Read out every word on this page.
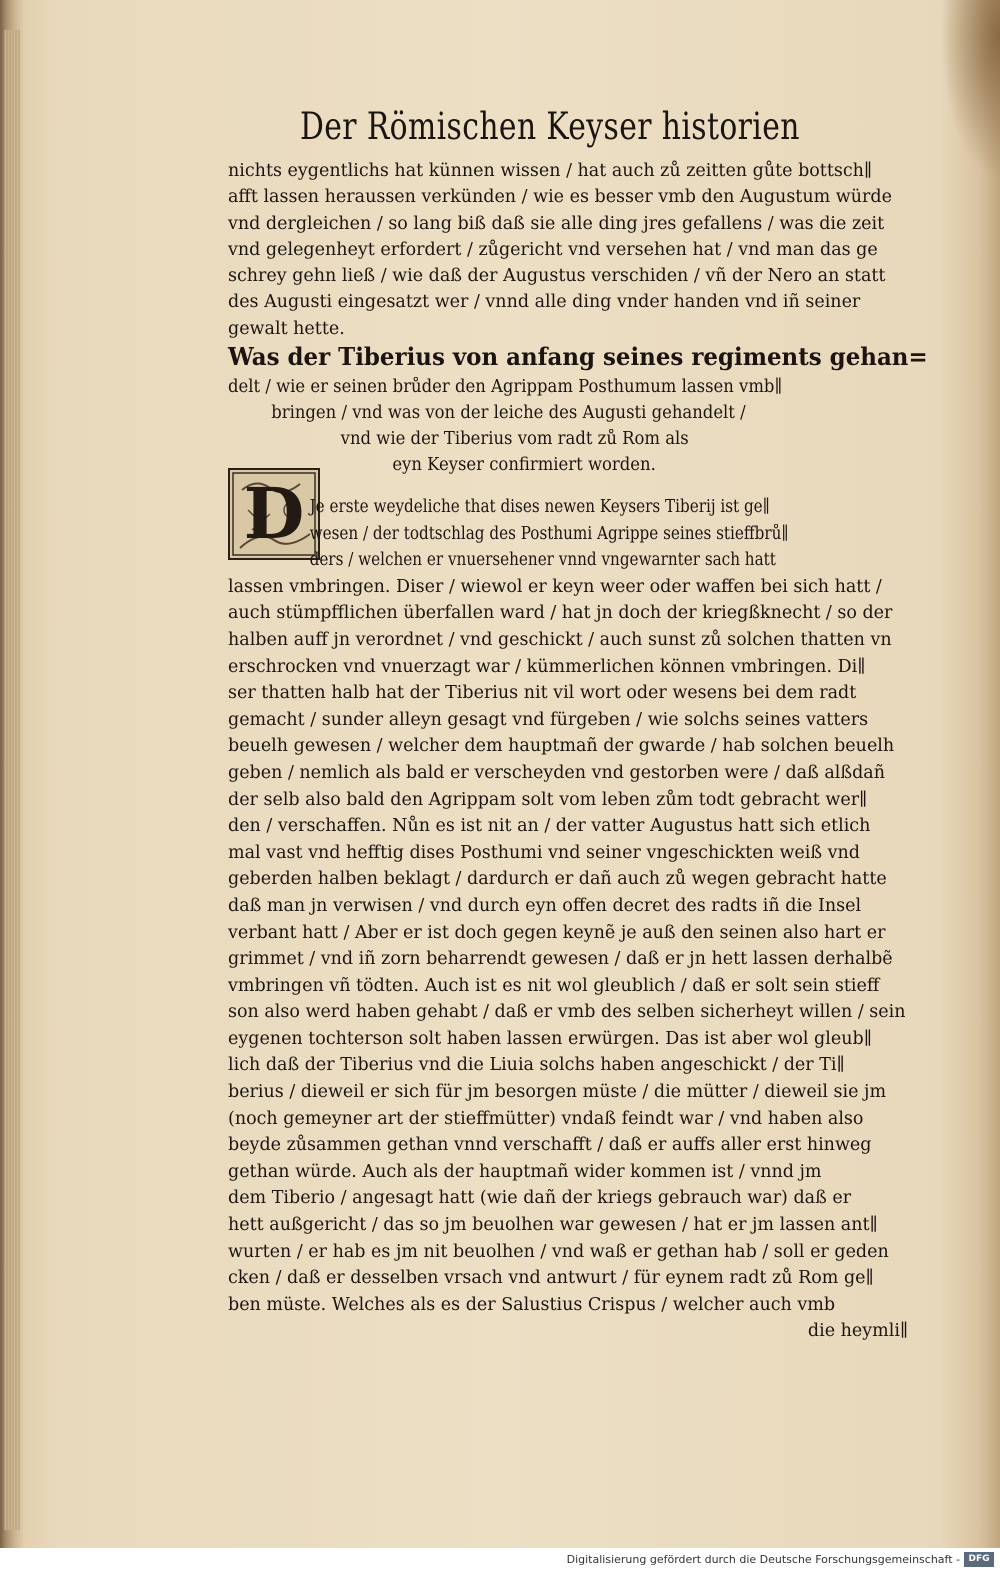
Der Römischen Keyser historien
nichts eygentlichs hat künnen wissen / hat auch zů zeitten gůte bottsch∥
afft lassen heraussen verkünden / wie es besser vmb den Augustum würde
vnd dergleichen / so lang biß daß sie alle ding jres gefallens / was die zeit
vnd gelegenheyt erfordert / zůgericht vnd versehen hat / vnd man das ge
schrey gehn ließ / wie daß der Augustus verschiden / vñ der Nero an statt
des Augusti eingesatzt wer / vnnd alle ding vnder handen vnd iñ seiner
gewalt hette.
Was der Tiberius von anfang seines regiments gehan=
delt / wie er seinen brůder den Agrippam Posthumum lassen vmb∥
bringen / vnd was von der leiche des Augusti gehandelt /
vnd wie der Tiberius vom radt zů Rom als
eyn Keyser confirmiert worden.
D Je erste weydeliche that dises newen Keysers Tiberij ist ge∥
wesen / der todtschlag des Posthumi Agrippe seines stieffbrů∥
ders / welchen er vnuersehener vnnd vngewarnter sach hatt
lassen vmbringen. Diser / wiewol er keyn weer oder waffen bei sich hatt /
auch stümpfflichen überfallen ward / hat jn doch der kriegßknecht / so der
halben auff jn verordnet / vnd geschickt / auch sunst zů solchen thatten vn
erschrocken vnd vnuerzagt war / kümmerlichen können vmbringen. Di∥
ser thatten halb hat der Tiberius nit vil wort oder wesens bei dem radt
gemacht / sunder alleyn gesagt vnd fürgeben / wie solchs seines vatters
beuelh gewesen / welcher dem hauptmañ der gwarde / hab solchen beuelh
geben / nemlich als bald er verscheyden vnd gestorben were / daß alßdañ
der selb also bald den Agrippam solt vom leben zům todt gebracht wer∥
den / verschaffen. Nůn es ist nit an / der vatter Augustus hatt sich etlich
mal vast vnd hefftig dises Posthumi vnd seiner vngeschickten weiß vnd
geberden halben beklagt / dardurch er dañ auch zů wegen gebracht hatte
daß man jn verwisen / vnd durch eyn offen decret des radts iñ die Insel
verbant hatt / Aber er ist doch gegen keynẽ je auß den seinen also hart er
grimmet / vnd iñ zorn beharrendt gewesen / daß er jn hett lassen derhalbẽ
vmbringen vñ tödten. Auch ist es nit wol gleublich / daß er solt sein stieff
son also werd haben gehabt / daß er vmb des selben sicherheyt willen / sein
eygenen tochterson solt haben lassen erwürgen. Das ist aber wol gleub∥
lich daß der Tiberius vnd die Liuia solchs haben angeschickt / der Ti∥
berius / dieweil er sich für jm besorgen müste / die mütter / dieweil sie jm
(noch gemeyner art der stieffmütter) vndaß feindt war / vnd haben also
beyde zůsammen gethan vnnd verschafft / daß er auffs aller erst hinweg
gethan würde. Auch als der hauptmañ wider kommen ist / vnnd jm
dem Tiberio / angesagt hatt (wie dañ der kriegs gebrauch war) daß er
hett außgericht / das so jm beuolhen war gewesen / hat er jm lassen ant∥
wurten / er hab es jm nit beuolhen / vnd waß er gethan hab / soll er geden
cken / daß er desselben vrsach vnd antwurt / für eynem radt zů Rom ge∥
ben müste. Welches als es der Salustius Crispus / welcher auch vmb
die heymli∥
Digitalisierung gefördert durch die Deutsche Forschungsgemeinschaft - DFG
